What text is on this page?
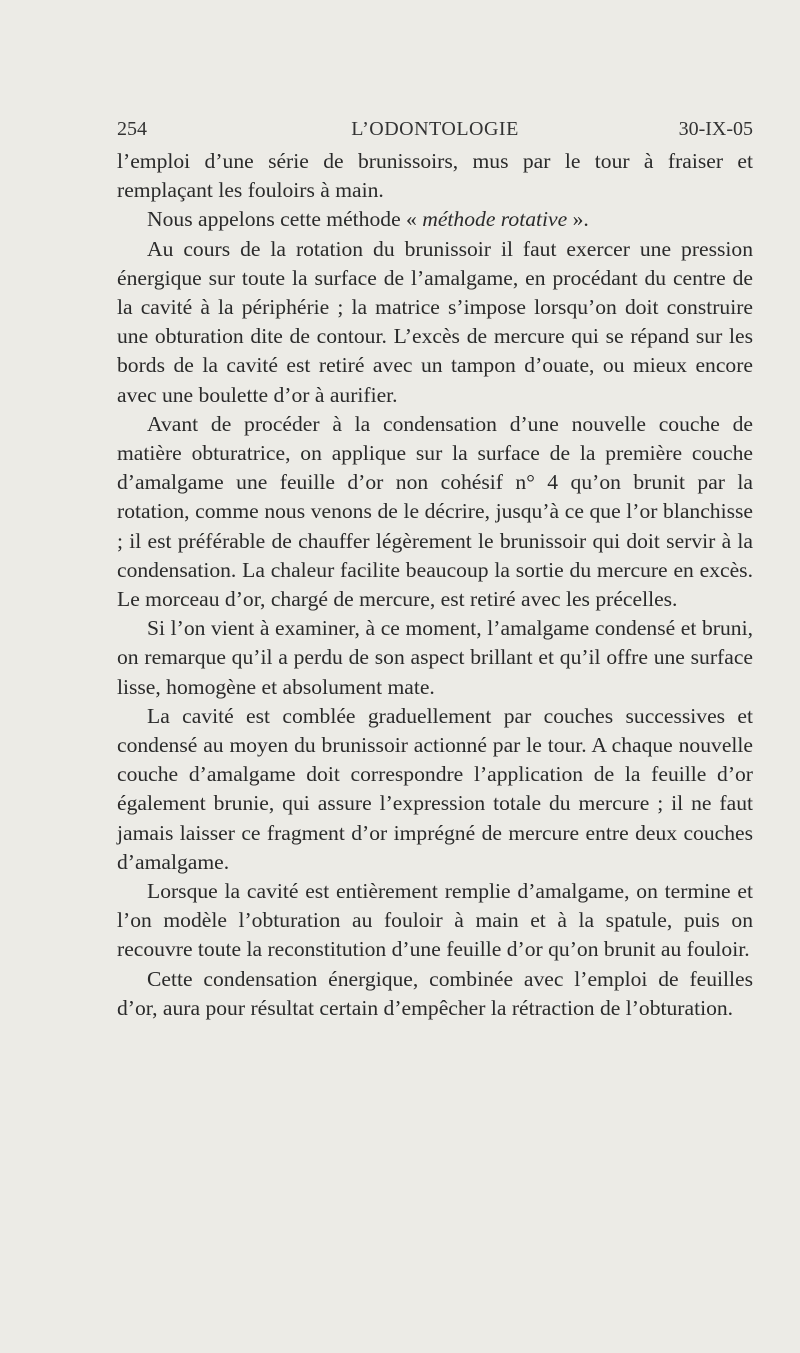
254	L’ODONTOLOGIE	30-IX-05

l’emploi d’une série de brunissoirs, mus par le tour à fraiser et remplaçant les fouloirs à main.

Nous appelons cette méthode « méthode rotative ».

Au cours de la rotation du brunissoir il faut exercer une pression énergique sur toute la surface de l’amalgame, en procédant du centre de la cavité à la périphérie ; la matrice s’impose lorsqu’on doit construire une obturation dite de contour. L’excès de mercure qui se répand sur les bords de la cavité est retiré avec un tampon d’ouate, ou mieux encore avec une boulette d’or à aurifier.

Avant de procéder à la condensation d’une nouvelle couche de matière obturatrice, on applique sur la surface de la première couche d’amalgame une feuille d’or non cohésif n° 4 qu’on brunit par la rotation, comme nous venons de le décrire, jusqu’à ce que l’or blanchisse ; il est préférable de chauffer légèrement le brunissoir qui doit servir à la condensation. La chaleur facilite beaucoup la sortie du mercure en excès. Le morceau d’or, chargé de mercure, est retiré avec les précelles.

Si l’on vient à examiner, à ce moment, l’amalgame condensé et bruni, on remarque qu’il a perdu de son aspect brillant et qu’il offre une surface lisse, homogène et absolument mate.

La cavité est comblée graduellement par couches successives et condensé au moyen du brunissoir actionné par le tour. A chaque nouvelle couche d’amalgame doit correspondre l’application de la feuille d’or également brunie, qui assure l’expression totale du mercure ; il ne faut jamais laisser ce fragment d’or imprégné de mercure entre deux couches d’amalgame.

Lorsque la cavité est entièrement remplie d’amalgame, on termine et l’on modèle l’obturation au fouloir à main et à la spatule, puis on recouvre toute la reconstitution d’une feuille d’or qu’on brunit au fouloir.

Cette condensation énergique, combinée avec l’emploi de feuilles d’or, aura pour résultat certain d’empêcher la rétraction de l’obturation.
